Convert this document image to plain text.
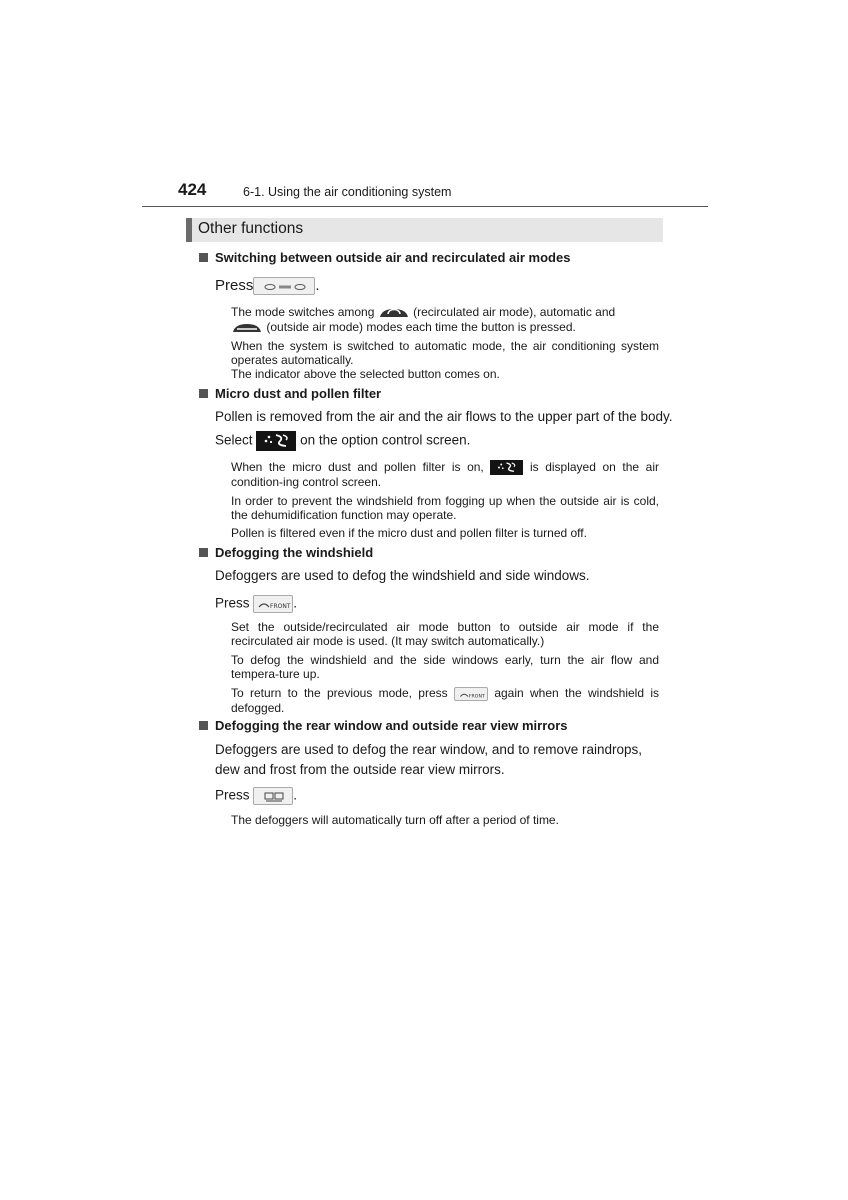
424	6-1. Using the air conditioning system
Other functions
Switching between outside air and recirculated air modes
Press	.
The mode switches among	(recirculated air mode), automatic and
(outside air mode) modes each time the button is pressed.
When the system is switched to automatic mode, the air conditioning system operates automatically.
The indicator above the selected button comes on.
Micro dust and pollen filter
Pollen is removed from the air and the air flows to the upper part of the body.
Select	on the option control screen.
When the micro dust and pollen filter is on,	is displayed on the air condition-ing control screen.
In order to prevent the windshield from fogging up when the outside air is cold, the dehumidification function may operate.
Pollen is filtered even if the micro dust and pollen filter is turned off.
Defogging the windshield
Defoggers are used to defog the windshield and side windows.
Press	FRONT .
Set the outside/recirculated air mode button to outside air mode if the recirculated air mode is used. (It may switch automatically.)
To defog the windshield and the side windows early, turn the air flow and tempera-ture up.
To return to the previous mode, press	FRONT again when the windshield is defogged.
Defogging the rear window and outside rear view mirrors
Defoggers are used to defog the rear window, and to remove raindrops, dew and frost from the outside rear view mirrors.
Press	.
The defoggers will automatically turn off after a period of time.
